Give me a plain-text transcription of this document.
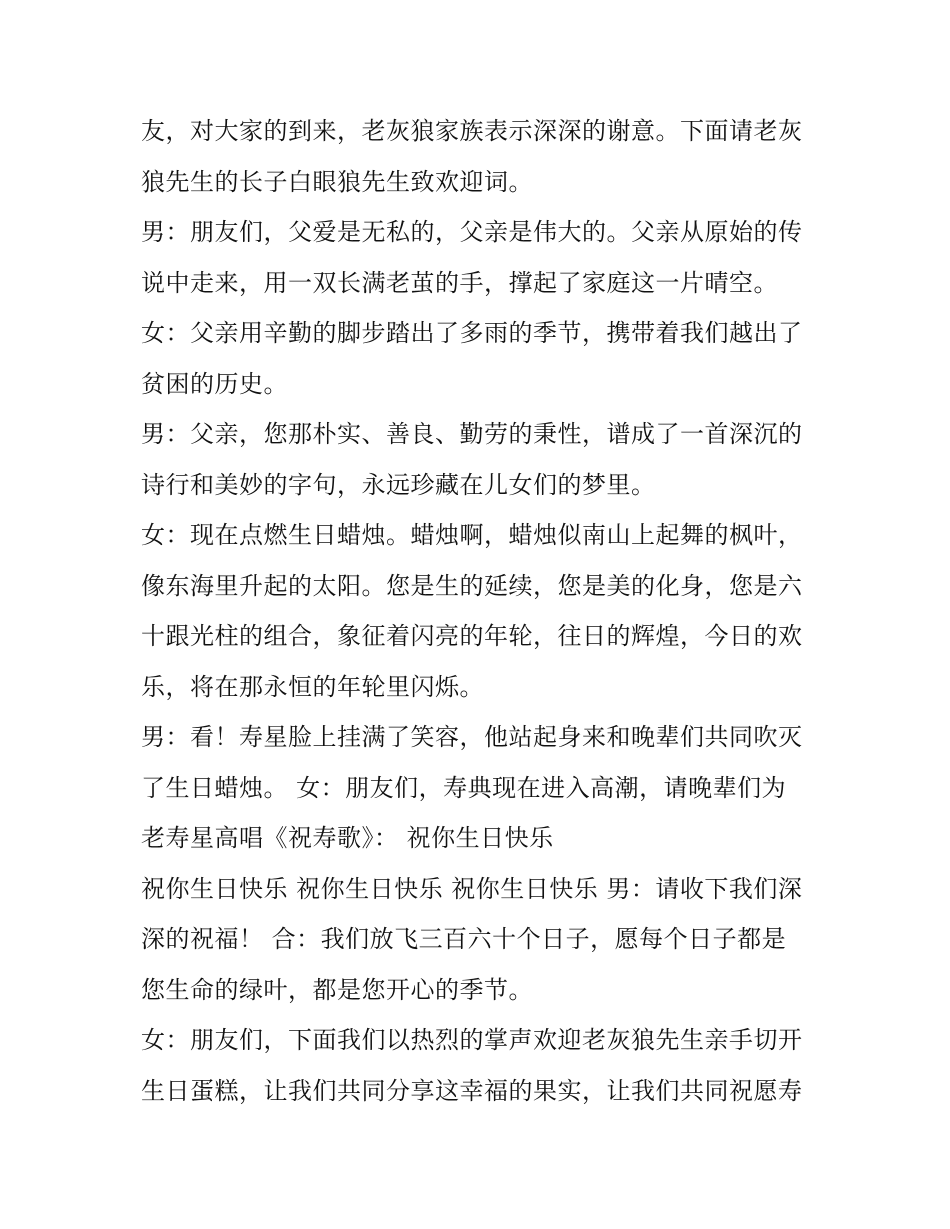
友，对大家的到来，老灰狼家族表示深深的谢意。下面请老灰

狼先生的长子白眼狼先生致欢迎词。

男：朋友们，父爱是无私的，父亲是伟大的。父亲从原始的传

说中走来，用一双长满老茧的手，撑起了家庭这一片晴空。

女：父亲用辛勤的脚步踏出了多雨的季节，携带着我们越出了

贫困的历史。

男：父亲，您那朴实、善良、勤劳的秉性，谱成了一首深沉的

诗行和美妙的字句，永远珍藏在儿女们的梦里。

女：现在点燃生日蜡烛。蜡烛啊，蜡烛似南山上起舞的枫叶，

像东海里升起的太阳。您是生的延续，您是美的化身，您是六

十跟光柱的组合，象征着闪亮的年轮，往日的辉煌，今日的欢

乐，将在那永恒的年轮里闪烁。

男：看！寿星脸上挂满了笑容，他站起身来和晚辈们共同吹灭

了生日蜡烛。 女：朋友们，寿典现在进入高潮，请晚辈们为

老寿星高唱《祝寿歌》： 祝你生日快乐

祝你生日快乐 祝你生日快乐 祝你生日快乐 男：请收下我们深

深的祝福！ 合：我们放飞三百六十个日子，愿每个日子都是

您生命的绿叶，都是您开心的季节。

女：朋友们，下面我们以热烈的掌声欢迎老灰狼先生亲手切开

生日蛋糕，让我们共同分享这幸福的果实，让我们共同祝愿寿
